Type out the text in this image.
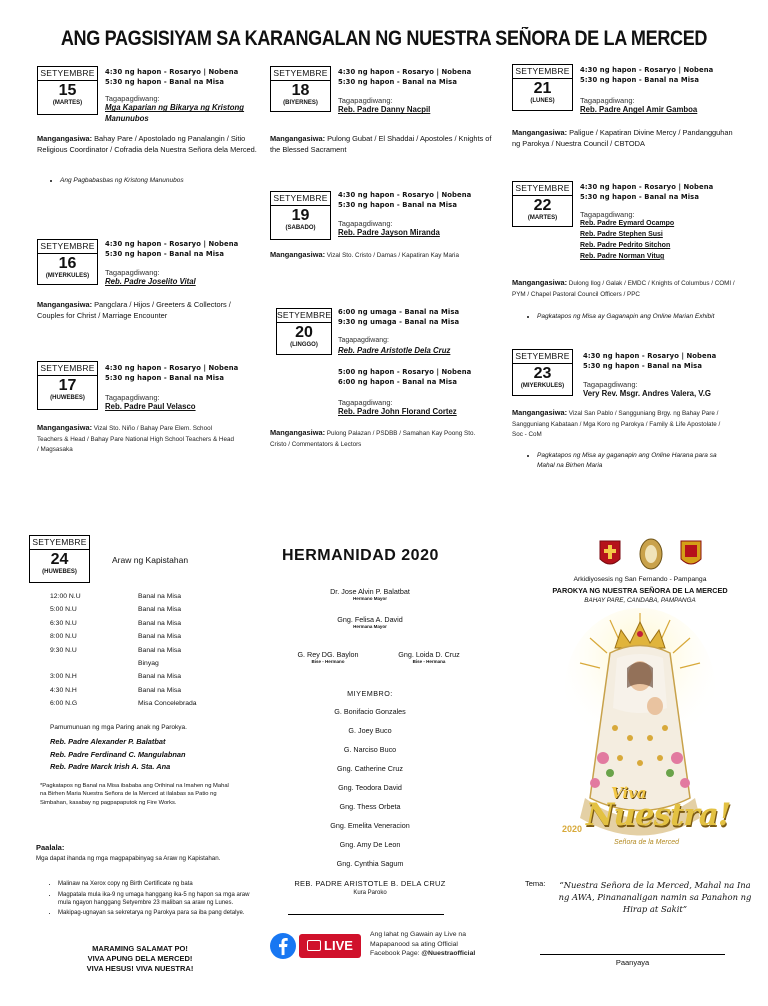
ANG PAGSISIYAM SA KARANGALAN NG NUESTRA SEÑORA DE LA MERCED
SETYEMBRE
15
(MARTES)
4:30 ng hapon - Rosaryo | Nobena
5:30 ng hapon - Banal na Misa
Tagapagdiwang:
Mga Kaparian ng Bikarya ng Kristong
Manunubos
Mangangasiwa: Bahay Pare / Apostolado ng Panalangin / Sitio Religious Coordinator / Cofradia dela Nuestra Señora dela Merced.
• Ang Pagbabasbas ng Kristong Manunubos
SETYEMBRE
16
(MIYERKULES)
4:30 ng hapon - Rosaryo | Nobena
5:30 ng hapon - Banal na Misa
Tagapagdiwang:
Reb. Padre Joselito Vital
Mangangasiwa: Pangclara / Hijos / Greeters & Collectors / Couples for Christ / Marriage Encounter
SETYEMBRE
17
(HUWEBES)
4:30 ng hapon - Rosaryo | Nobena
5:30 ng hapon - Banal na Misa
Tagapagdiwang:
Reb. Padre Paul Velasco
Mangangasiwa: Vizal Sto. Niño / Bahay Pare Elem. School Teachers & Head / Bahay Pare National High School Teachers & Head / Magsasaka
SETYEMBRE
18
(BIYERNES)
4:30 ng hapon - Rosaryo | Nobena
5:30 ng hapon - Banal na Misa
Tagapagdiwang:
Reb. Padre Danny Nacpil
Mangangasiwa: Pulong Gubat / El Shaddai / Apostoles / Knights of the Blessed Sacrament
SETYEMBRE
19
(SABADO)
4:30 ng hapon - Rosaryo | Nobena
5:30 ng hapon - Banal na Misa
Tagapagdiwang:
Reb. Padre Jayson Miranda
Mangangasiwa: Vizal Sto. Cristo / Damas / Kapatiran Kay Maria
SETYEMBRE
20
(LINGGO)
6:00 ng umaga - Banal na Misa
9:30 ng umaga - Banal na Misa
Tagapagdiwang:
Reb. Padre Aristotle Dela Cruz
5:00 ng hapon - Rosaryo | Nobena
6:00 ng hapon - Banal na Misa
Tagapagdiwang:
Reb. Padre John Florand Cortez
Mangangasiwa: Pulong Palazan / PSDBB / Samahan Kay Poong Sto. Cristo / Commentators & Lectors
SETYEMBRE
21
(LUNES)
4:30 ng hapon - Rosaryo | Nobena
5:30 ng hapon - Banal na Misa
Tagapagdiwang:
Reb. Padre Angel Amir Gamboa
Mangangasiwa: Paligue / Kapatiran Divine Mercy / Pandangguhan ng Parokya / Nuestra Council / CBTODA
SETYEMBRE
22
(MARTES)
4:30 ng hapon - Rosaryo | Nobena
5:30 ng hapon - Banal na Misa
Tagapagdiwang:
Reb. Padre Eymard Ocampo
Reb. Padre Stephen Susi
Reb. Padre Pedrito Sitchon
Reb. Padre Norman Vitug
Mangangasiwa: Dulong Ilog / Galak / EMDC / Knights of Columbus / COMI / PYM / Chapel Pastoral Council Officers / PPC
• Pagkatapos ng Misa ay Gaganapin ang Online Marian Exhibit
SETYEMBRE
23
(MIYERKULES)
4:30 ng hapon - Rosaryo | Nobena
5:30 ng hapon - Banal na Misa
Tagapagdiwang:
Very Rev. Msgr. Andres Valera, V.G
Mangangasiwa: Vizal San Pablo / Sangguniang Brgy. ng Bahay Pare / Sangguniang Kabataan / Mga Koro ng Parokya / Family & Life Apostolate / Soc - CoM
• Pagkatapos ng Misa ay gaganapin ang Online Harana para sa Mahal na Birhen Maria
SETYEMBRE
24
(HUWEBES)
Araw ng Kapistahan
12:00 N.U	Banal na Misa
5:00 N.U	Banal na Misa
6:30 N.U	Banal na Misa
8:00 N.U	Banal na Misa
9:30 N.U	Banal na Misa
Binyag
3:00 N.H	Banal na Misa
4:30 N.H	Banal na Misa
6:00 N.G	Misa Concelebrada
Pamumunuan ng mga Paring anak ng Parokya.
Reb. Padre Alexander P. Balatbat
Reb. Padre Ferdinand C. Mangulabnan
Reb. Padre Marck Irish A. Sta. Ana
*Pagkatapos ng Banal na Misa ibababa ang Orihinal na Imahen ng Mahal na Birhen Maria Nuestra Señora de la Merced at ilalabas sa Patio ng Simbahan, kasabay ng pagpapaputok ng Fire Works.
Paalala:
Mga dapat ihanda ng mga magpapabinyag sa Araw ng Kapistahan.
• Malinaw na Xerox copy ng Birth Certificate ng bata
• Magpatala mula ika-9 ng umaga hanggang ika-5 ng hapon sa mga araw mula ngayon hanggang Setyembre 23 maliban sa araw ng Lunes.
• Makipag-ugnayan sa sekretarya ng Parokya para sa iba pang detalye.
MARAMING SALAMAT PO!
VIVA APUNG DELA MERCED!
VIVA HESUS! VIVA NUESTRA!
HERMANIDAD 2020
Dr. Jose Alvin P. Balatbat
Hermano Mayor
Gng. Felisa A. David
Hermana Mayor
G. Rey DG. Baylon
Bise - Hermano
Gng. Loida D. Cruz
Bise - Hermana
MIYEMBRO:
G. Bonifacio Gonzales
G. Joey Buco
G. Narciso Buco
Gng. Catherine Cruz
Gng. Teodora David
Gng. Thess Orbeta
Gng. Emelita Veneracion
Gng. Amy De Leon
Gng. Cynthia Sagum
REB. PADRE ARISTOTLE B. DELA CRUZ
Kura Paroko
LIVE
Ang lahat ng Gawain ay Live na
Mapapanood sa ating Official
Facebook Page: @Nuestraofficial
Arkidiyosesis ng San Fernando - Pampanga
PAROKYA NG NUESTRA SEÑORA DE LA MERCED
BAHAY PARE, CANDABA, PAMPANGA
Viva
Nuestra!
2020
Señora de la Merced
Tema:	“Nuestra Señora de la Merced, Mahal na Ina ng AWA, Pinananaligan namin sa Panahon ng Hirap at Sakit”
Paanyaya
